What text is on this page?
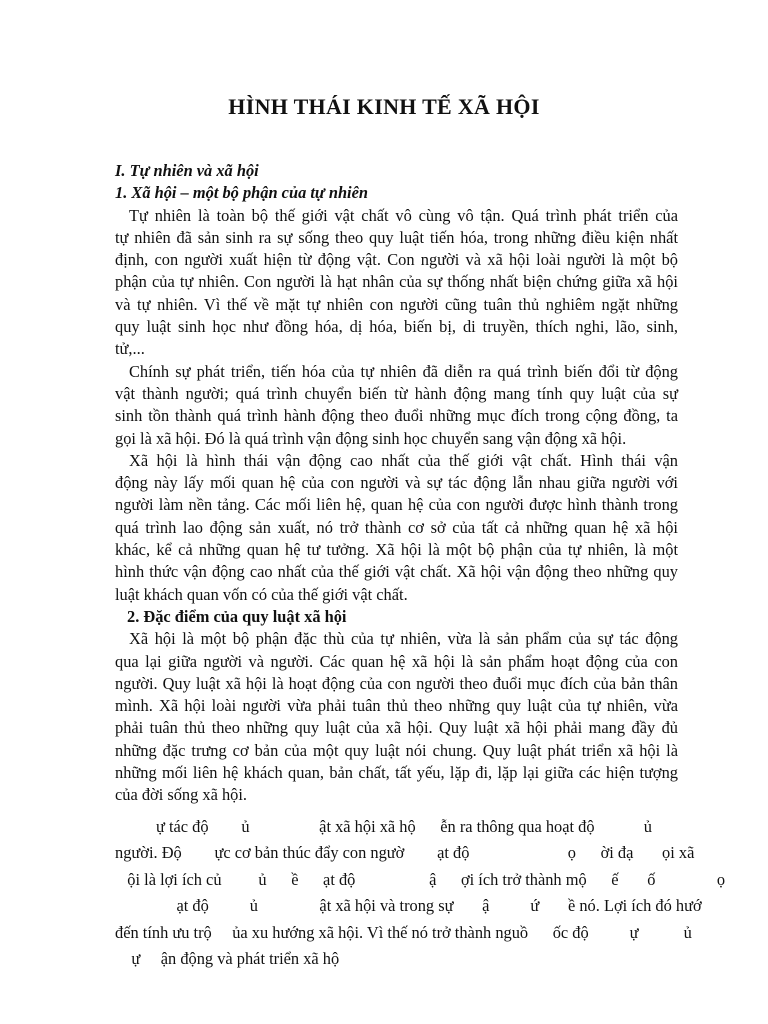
HÌNH THÁI KINH TẾ XÃ HỘI
I. Tự nhiên và xã hội
1. Xã hội – một bộ phận của tự nhiên
Tự nhiên là toàn bộ thế giới vật chất vô cùng vô tận. Quá trình phát triển của
tự nhiên đã sản sinh ra sự sống theo quy luật tiến hóa, trong những điều kiện nhất
định, con người xuất hiện từ động vật. Con người và xã hội loài người là một bộ
phận của tự nhiên. Con người là hạt nhân của sự thống nhất biện chứng giữa xã hội
và tự nhiên. Vì thế về mặt tự nhiên con người cũng tuân thủ nghiêm ngặt những
quy luật sinh học như đồng hóa, dị hóa, biến bị, di truyền, thích nghi, lão, sinh,
tử,...
Chính sự phát triển, tiến hóa của tự nhiên đã diễn ra quá trình biến đổi từ động
vật thành người; quá trình chuyển biến từ hành động mang tính quy luật của sự
sinh tồn thành quá trình hành động theo đuổi những mục đích trong cộng đồng, ta
gọi là xã hội. Đó là quá trình vận động sinh học chuyển sang vận động xã hội.
Xã hội là hình thái vận động cao nhất của thế giới vật chất. Hình thái vận
động này lấy mối quan hệ của con người và sự tác động lẫn nhau giữa người với
người làm nền tảng. Các mối liên hệ, quan hệ của con người được hình thành trong
quá trình lao động sản xuất, nó trở thành cơ sở của tất cả những quan hệ xã hội
khác, kể cả những quan hệ tư tưởng. Xã hội là một bộ phận của tự nhiên, là một
hình thức vận động cao nhất của thế giới vật chất. Xã hội vận động theo những quy
luật khách quan vốn có của thế giới vật chất.
2. Đặc điểm của quy luật xã hội
Xã hội là một bộ phận đặc thù của tự nhiên, vừa là sản phẩm của sự tác động
qua lại giữa người và người. Các quan hệ xã hội là sản phẩm hoạt động của con
người. Quy luật xã hội là hoạt động của con người theo đuổi mục đích của bản thân
mình. Xã hội loài người vừa phải tuân thủ theo những quy luật của tự nhiên, vừa
phải tuân thủ theo những quy luật của xã hội. Quy luật xã hội phải mang đầy đủ
những đặc trưng cơ bản của một quy luật nói chung. Quy luật phát triển xã hội là
những mối liên hệ khách quan, bản chất, tất yếu, lặp đi, lặp lại giữa các hiện tượng
của đời sống xã hội.
ự tác độ        ủ                 ật xã hội xã hộ      ễn ra thông qua hoạt độ            ủ
người. Độ        ực cơ bản thúc đẩy con ngườ        ạt độ                        ọ      ời đạ       ọi xã
ội là lợi ích củ         ủ      ề      ạt độ                  ậ      ợi ích trở thành mộ      ế       ố               ọ
ạt độ          ủ               ật xã hội và trong sự       ậ          ứ       ề nó. Lợi ích đó hướ
đến tính ưu trộ     ủa xu hướng xã hội. Vì thế nó trở thành nguồ      ốc độ          ự           ủ
ự     ận động và phát triển xã hộ
